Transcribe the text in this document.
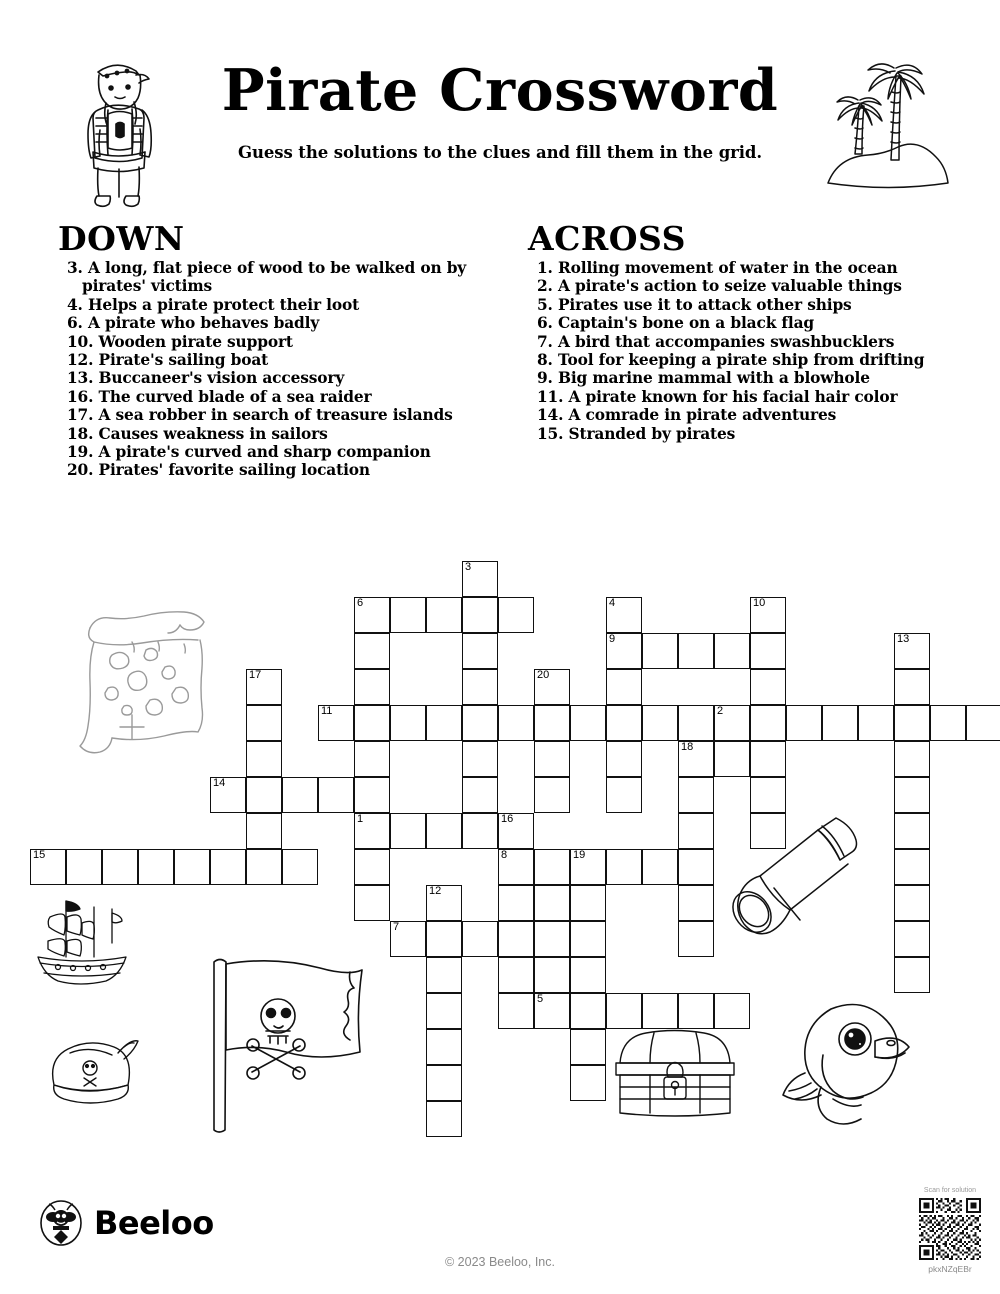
Pirate Crossword

Guess the solutions to the clues and fill them in the grid.

DOWN
3. A long, flat piece of wood to be walked on by pirates' victims
4. Helps a pirate protect their loot
6. A pirate who behaves badly
10. Wooden pirate support
12. Pirate's sailing boat
13. Buccaneer's vision accessory
16. The curved blade of a sea raider
17. A sea robber in search of treasure islands
18. Causes weakness in sailors
19. A pirate's curved and sharp companion
20. Pirates' favorite sailing location
ACROSS
1. Rolling movement of water in the ocean
2. A pirate's action to seize valuable things
5. Pirates use it to attack other ships
6. Captain's bone on a black flag
7. A bird that accompanies swashbucklers
8. Tool for keeping a pirate ship from drifting
9. Big marine mammal with a blowhole
11. A pirate known for his facial hair color
14. A comrade in pirate adventures
15. Stranded by pirates
3
6	4	10
9	13
17	20
11	2
18
14
1	16
15	8	19
12
7
5
Beeloo
© 2023 Beeloo, Inc.
Scan for solution
pkxNZqEBr
